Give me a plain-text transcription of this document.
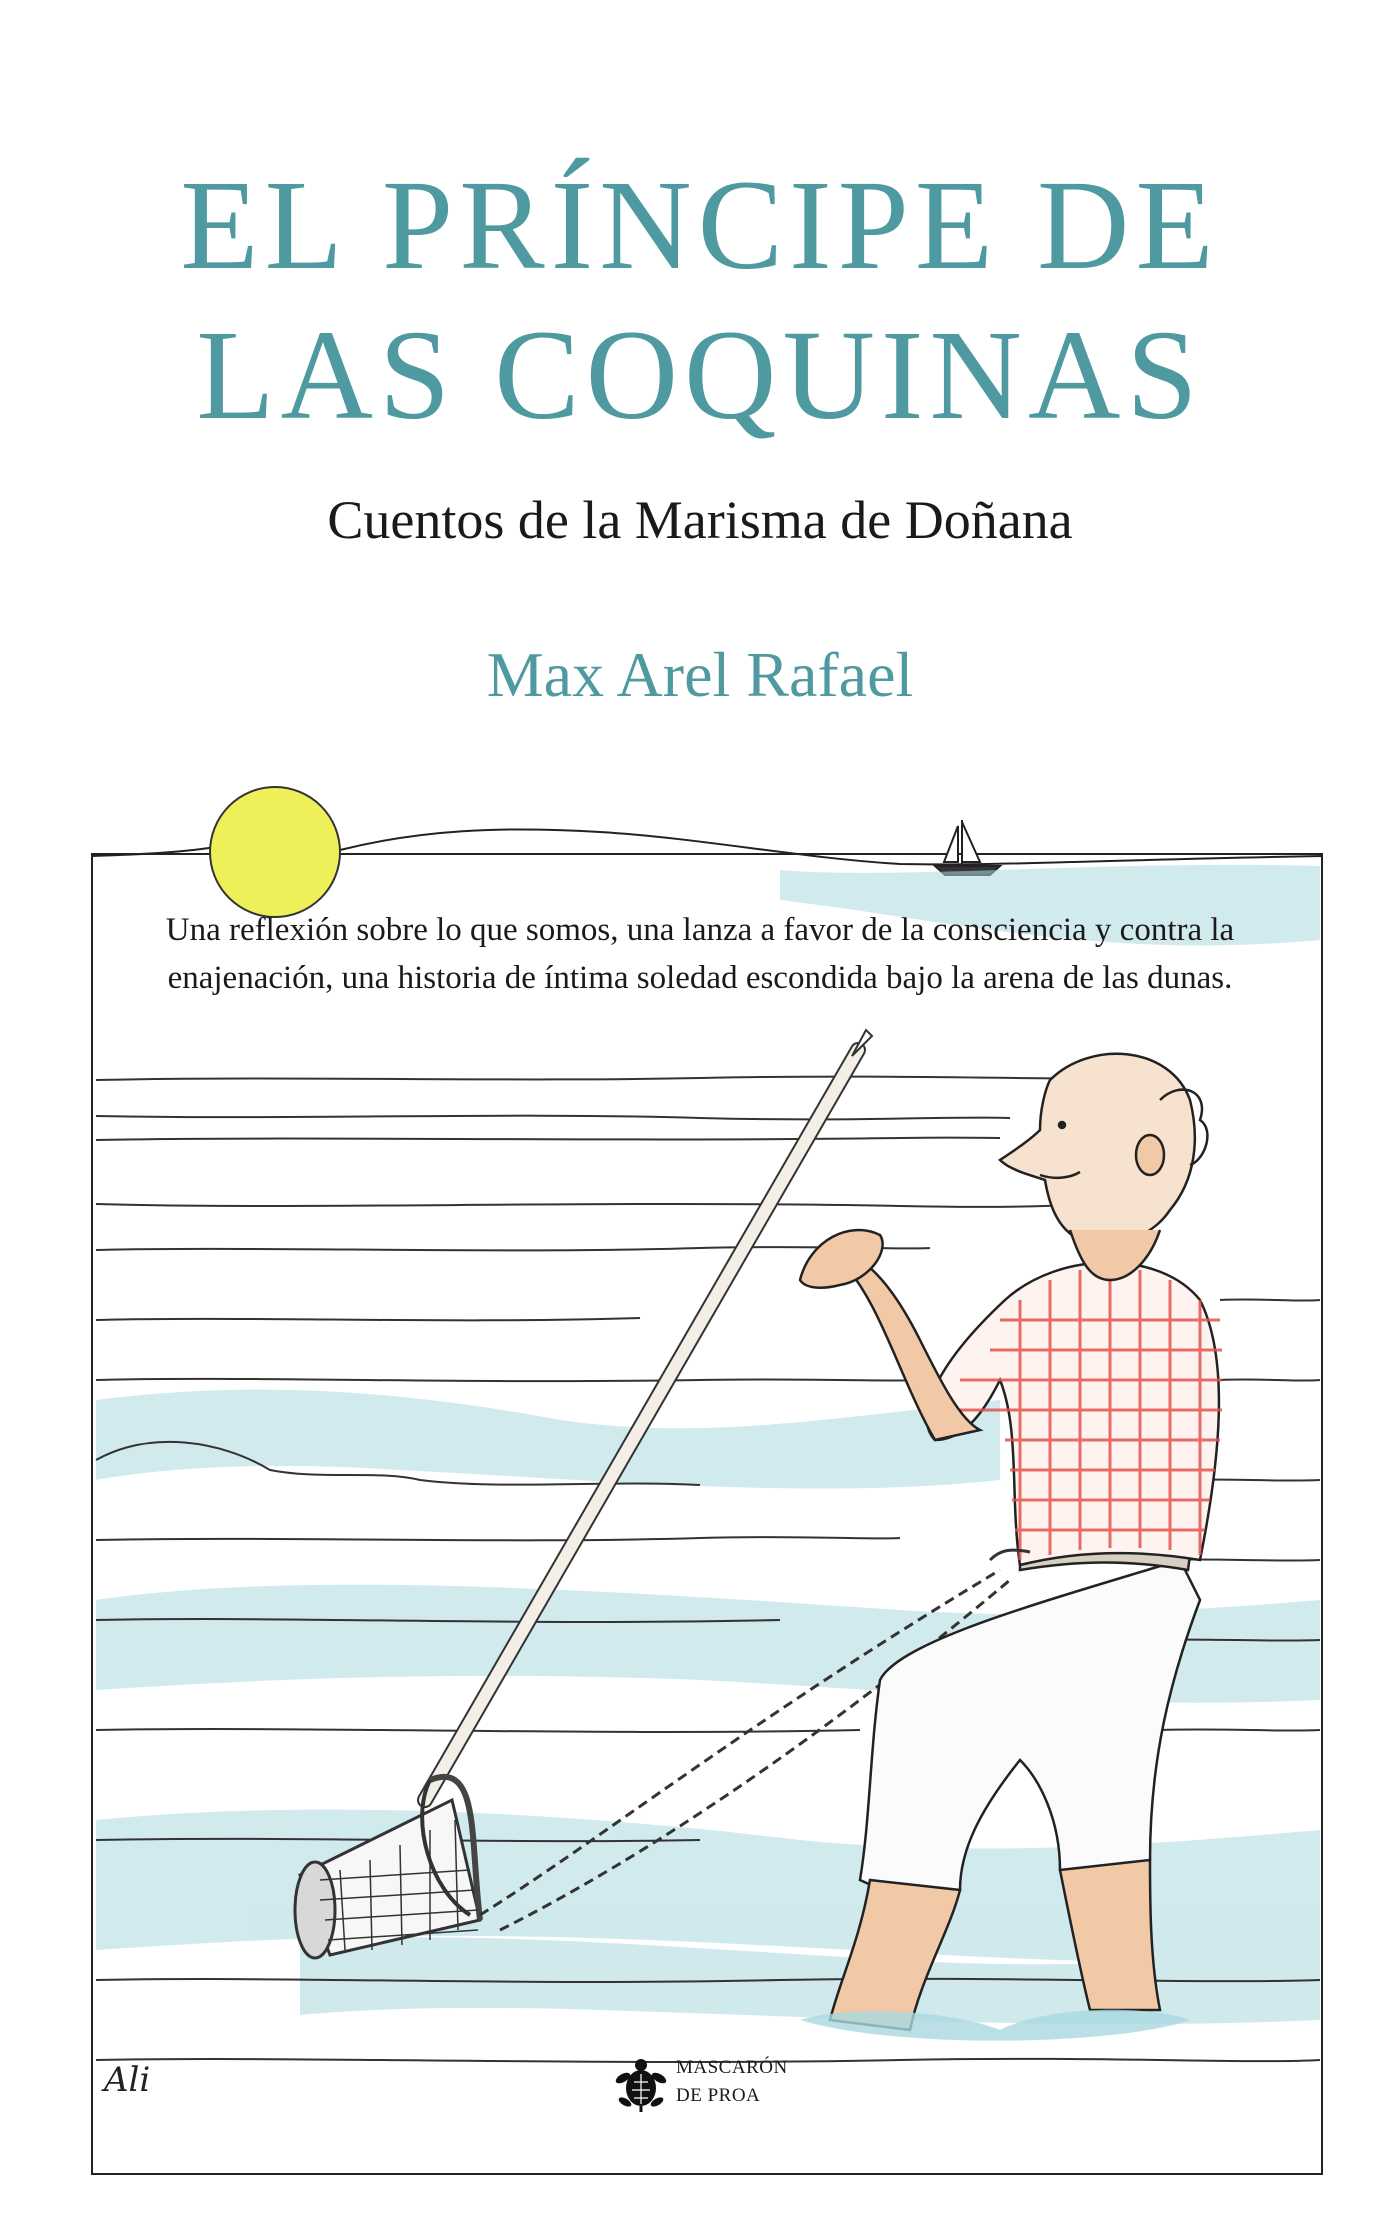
EL PRÍNCIPE DE
LAS COQUINAS
Cuentos de la Marisma de Doñana
Max Arel Rafael
Una reflexión sobre lo que somos, una lanza a favor de la consciencia y contra la
enajenación, una historia de íntima soledad escondida bajo la arena de las dunas.
Ali	MASCARÓN
DE PROA
